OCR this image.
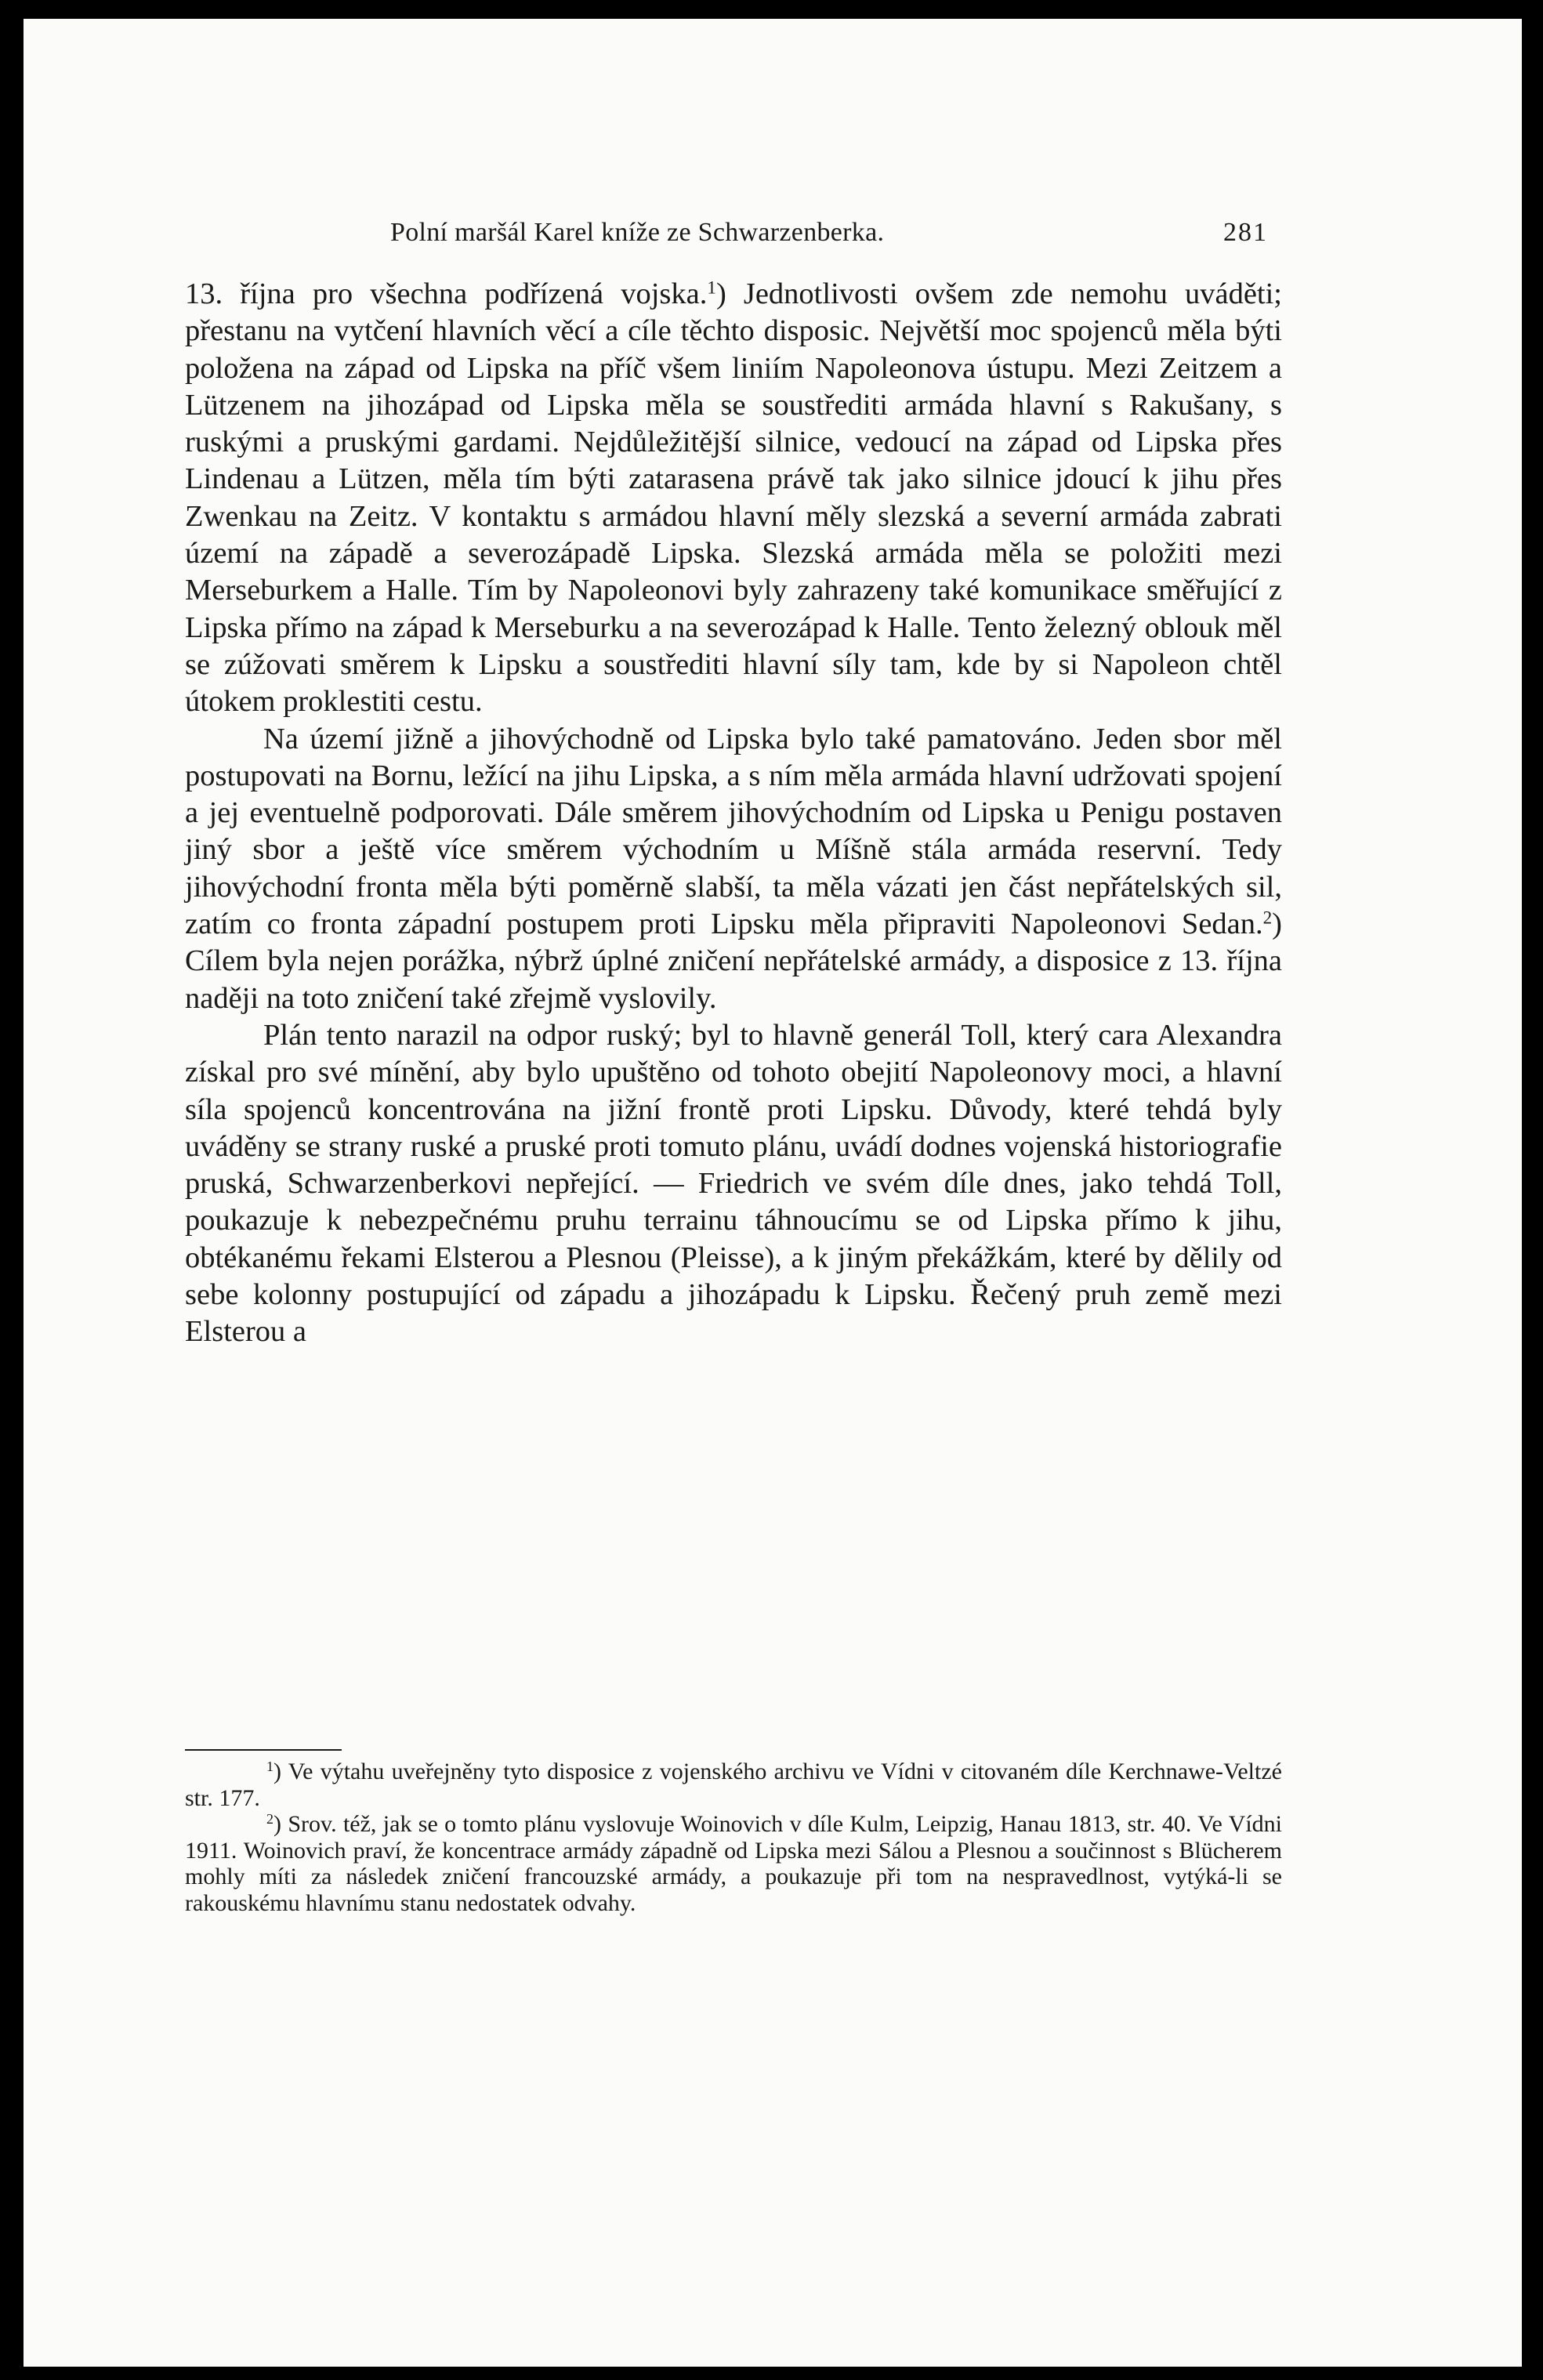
Polní maršál Karel kníže ze Schwarzenberka.	281

13. října pro všechna podřízená vojska.$^1$) Jednotlivosti ovšem zde nemohu uváděti; přestanu na vytčení hlavních věcí a cíle těchto disposic. Největší moc spojenců měla býti položena na západ od Lipska na příč všem liniím Napoleonova ústupu. Mezi Zeitzem a Lützenem na jihozápad od Lipska měla se soustřediti armáda hlavní s Rakušany, s ruskými a pruskými gardami. Nejdůležitější silnice, vedoucí na západ od Lipska přes Lindenau a Lützen, měla tím býti zatarasena právě tak jako silnice jdoucí k jihu přes Zwenkau na Zeitz. V kontaktu s armádou hlavní měly slezská a severní armáda zabrati území na západě a severozápadě Lipska. Slezská armáda měla se položiti mezi Merseburkem a Halle. Tím by Napoleonovi byly zahrazeny také komunikace směřující z Lipska přímo na západ k Merseburku a na severozápad k Halle. Tento železný oblouk měl se zúžovati směrem k Lipsku a soustřediti hlavní síly tam, kde by si Napoleon chtěl útokem proklestiti cestu.

Na území jižně a jihovýchodně od Lipska bylo také pamatováno. Jeden sbor měl postupovati na Bornu, ležící na jihu Lipska, a s ním měla armáda hlavní udržovati spojení a jej eventuelně podporovati. Dále směrem jihovýchodním od Lipska u Penigu postaven jiný sbor a ještě více směrem východním u Míšně stála armáda reservní. Tedy jihovýchodní fronta měla býti poměrně slabší, ta měla vázati jen část nepřátelských sil, zatím co fronta západní postupem proti Lipsku měla připraviti Napoleonovi Sedan.$^2$) Cílem byla nejen porážka, nýbrž úplné zničení nepřátelské armády, a disposice z 13. října naději na toto zničení také zřejmě vyslovily.

Plán tento narazil na odpor ruský; byl to hlavně generál Toll, který cara Alexandra získal pro své mínění, aby bylo upuštěno od tohoto obejití Napoleonovy moci, a hlavní síla spojenců koncentrována na jižní frontě proti Lipsku. Důvody, které tehdá byly uváděny se strany ruské a pruské proti tomuto plánu, uvádí dodnes vojenská historiografie pruská, Schwarzenberkovi nepřející. — Friedrich ve svém díle dnes, jako tehdá Toll, poukazuje k nebezpečnému pruhu terrainu táhnoucímu se od Lipska přímo k jihu, obtékanému řekami Elsterou a Plesnou (Pleisse), a k jiným překážkám, které by dělily od sebe kolonny postupující od západu a jihozápadu k Lipsku. Řečený pruh země mezi Elsterou a

$^1$) Ve výtahu uveřejněny tyto disposice z vojenského archivu ve Vídni v citovaném díle Kerchnawe-Veltzé str. 177.

$^2$) Srov. též, jak se o tomto plánu vyslovuje Woinovich v díle Kulm, Leipzig, Hanau 1813, str. 40. Ve Vídni 1911. Woinovich praví, že koncentrace armády západně od Lipska mezi Sálou a Plesnou a součinnost s Blücherem mohly míti za následek zničení francouzské armády, a poukazuje při tom na nespravedlnost, vytýká-li se rakouskému hlavnímu stanu nedostatek odvahy.
